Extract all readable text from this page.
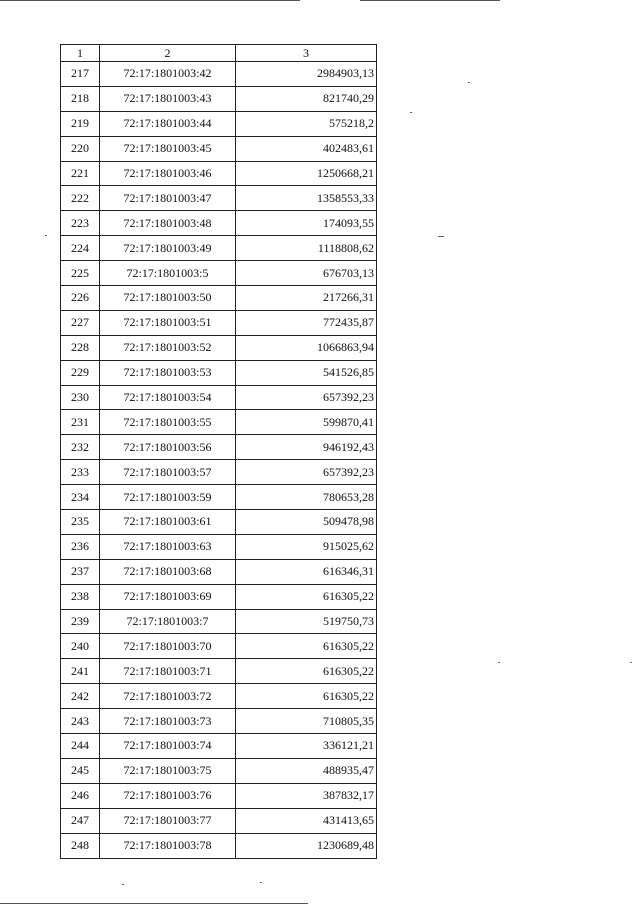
1	2	3
217	72:17:1801003:42	2984903,13
218	72:17:1801003:43	821740,29
219	72:17:1801003:44	575218,2
220	72:17:1801003:45	402483,61
221	72:17:1801003:46	1250668,21
222	72:17:1801003:47	1358553,33
223	72:17:1801003:48	174093,55
224	72:17:1801003:49	1118808,62
225	72:17:1801003:5	676703,13
226	72:17:1801003:50	217266,31
227	72:17:1801003:51	772435,87
228	72:17:1801003:52	1066863,94
229	72:17:1801003:53	541526,85
230	72:17:1801003:54	657392,23
231	72:17:1801003:55	599870,41
232	72:17:1801003:56	946192,43
233	72:17:1801003:57	657392,23
234	72:17:1801003:59	780653,28
235	72:17:1801003:61	509478,98
236	72:17:1801003:63	915025,62
237	72:17:1801003:68	616346,31
238	72:17:1801003:69	616305,22
239	72:17:1801003:7	519750,73
240	72:17:1801003:70	616305,22
241	72:17:1801003:71	616305,22
242	72:17:1801003:72	616305,22
243	72:17:1801003:73	710805,35
244	72:17:1801003:74	336121,21
245	72:17:1801003:75	488935,47
246	72:17:1801003:76	387832,17
247	72:17:1801003:77	431413,65
248	72:17:1801003:78	1230689,48
